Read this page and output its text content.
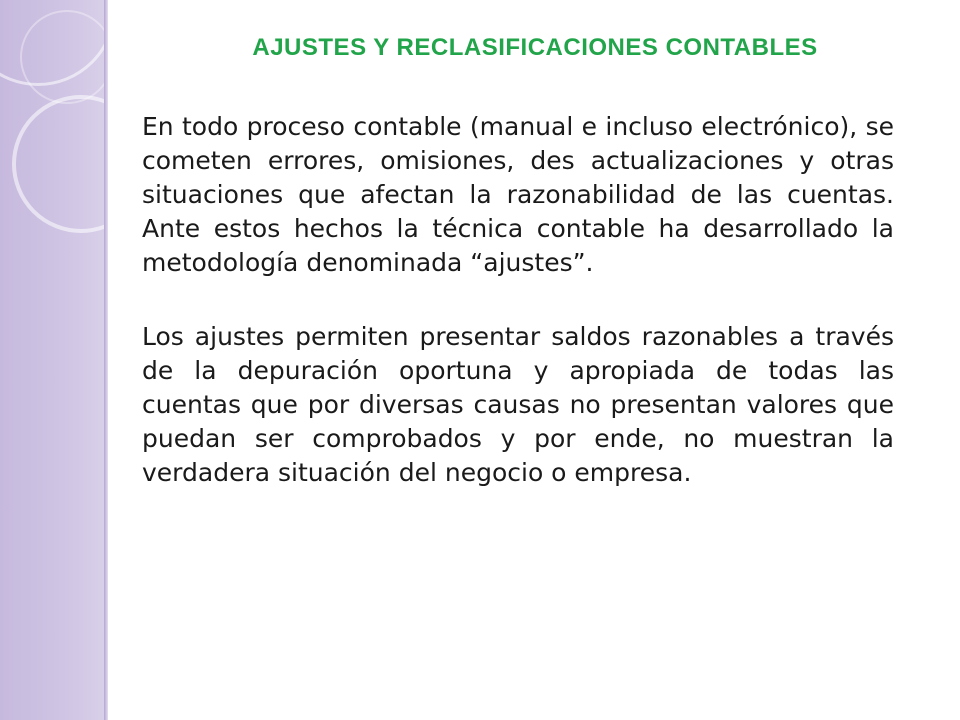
AJUSTES Y RECLASIFICACIONES CONTABLES

En todo proceso contable (manual e incluso electrónico), se cometen errores, omisiones, des actualizaciones y otras situaciones que afectan la razonabilidad de las cuentas. Ante estos hechos la técnica contable ha desarrollado la metodología denominada “ajustes”.

Los ajustes permiten presentar saldos razonables a través de la depuración oportuna y apropiada de todas las cuentas que por diversas causas no presentan valores que puedan ser comprobados y por ende, no muestran la verdadera situación del negocio o empresa.
